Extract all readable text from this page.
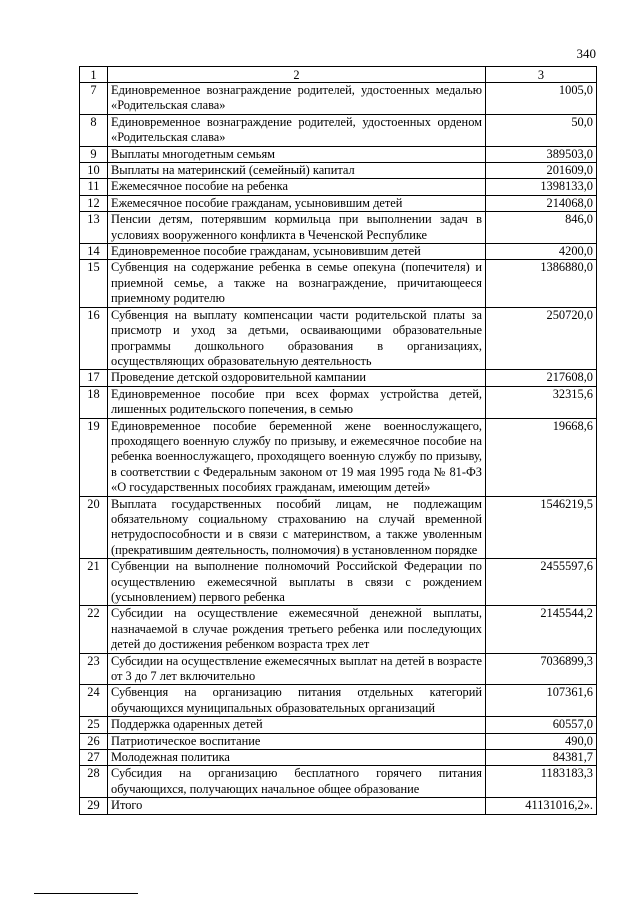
340
1	2	3
7	Единовременное вознаграждение родителей, удостоенных медалью «Родительская слава»	1005,0
8	Единовременное вознаграждение родителей, удостоенных орденом «Родительская слава»	50,0
9	Выплаты многодетным семьям	389503,0
10	Выплаты на материнский (семейный) капитал	201609,0
11	Ежемесячное пособие на ребенка	1398133,0
12	Ежемесячное пособие гражданам, усыновившим детей	214068,0
13	Пенсии детям, потерявшим кормильца при выполнении задач в условиях вооруженного конфликта в Чеченской Республике	846,0
14	Единовременное пособие гражданам, усыновившим детей	4200,0
15	Субвенция на содержание ребенка в семье опекуна (попечителя) и приемной семье, а также на вознаграждение, причитающееся приемному родителю	1386880,0
16	Субвенция на выплату компенсации части родительской платы за присмотр и уход за детьми, осваивающими образовательные программы дошкольного образования в организациях, осуществляющих образовательную деятельность	250720,0
17	Проведение детской оздоровительной кампании	217608,0
18	Единовременное пособие при всех формах устройства детей, лишенных родительского попечения, в семью	32315,6
19	Единовременное пособие беременной жене военнослужащего, проходящего военную службу по призыву, и ежемесячное пособие на ребенка военнослужащего, проходящего военную службу по призыву, в соответствии с Федеральным законом от 19 мая 1995 года № 81-ФЗ «О государственных пособиях гражданам, имеющим детей»	19668,6
20	Выплата государственных пособий лицам, не подлежащим обязательному социальному страхованию на случай временной нетрудоспособности и в связи с материнством, а также уволенным (прекратившим деятельность, полномочия) в установленном порядке	1546219,5
21	Субвенции на выполнение полномочий Российской Федерации по осуществлению ежемесячной выплаты в связи с рождением (усыновлением) первого ребенка	2455597,6
22	Субсидии на осуществление ежемесячной денежной выплаты, назначаемой в случае рождения третьего ребенка или последующих детей до достижения ребенком возраста трех лет	2145544,2
23	Субсидии на осуществление ежемесячных выплат на детей в возрасте от 3 до 7 лет включительно	7036899,3
24	Субвенция на организацию питания отдельных категорий обучающихся муниципальных образовательных организаций	107361,6
25	Поддержка одаренных детей	60557,0
26	Патриотическое воспитание	490,0
27	Молодежная политика	84381,7
28	Субсидия на организацию бесплатного горячего питания обучающихся, получающих начальное общее образование	1183183,3
29	Итого	41131016,2».
